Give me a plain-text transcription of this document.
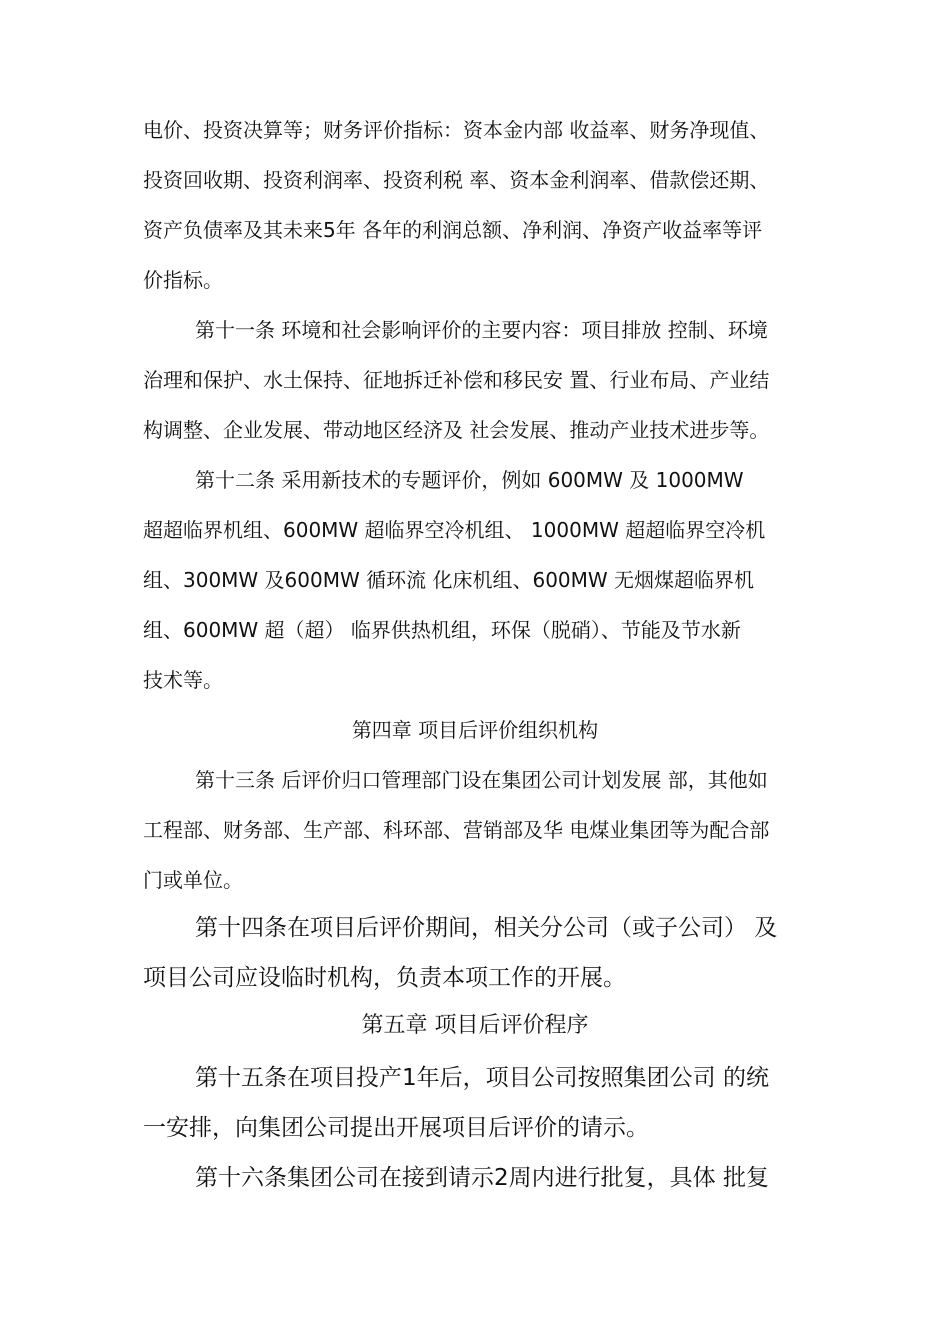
电价、投资决算等；财务评价指标：资本金内部 收益率、财务净现值、
投资回收期、投资利润率、投资利税 率、资本金利润率、借款偿还期、
资产负债率及其未来5年 各年的利润总额、净利润、净资产收益率等评
价指标。
第十一条 环境和社会影响评价的主要内容：项目排放 控制、环境
治理和保护、水土保持、征地拆迁补偿和移民安 置、行业布局、产业结
构调整、企业发展、带动地区经济及 社会发展、推动产业技术进步等。
第十二条 采用新技术的专题评价，例如 600MW 及 1000MW
超超临界机组、600MW 超临界空冷机组、 1000MW 超超临界空冷机
组、300MW 及600MW 循环流 化床机组、600MW 无烟煤超临界机
组、600MW 超（超） 临界供热机组，环保（脱硝）、节能及节水新
技术等。
第四章 项目后评价组织机构
第十三条 后评价归口管理部门设在集团公司计划发展 部，其他如
工程部、财务部、生产部、科环部、营销部及华 电煤业集团等为配合部
门或单位。
第十四条在项目后评价期间，相关分公司（或子公司） 及
项目公司应设临时机构，负责本项工作的开展。
第五章 项目后评价程序
第十五条在项目投产1年后，项目公司按照集团公司 的统
一安排，向集团公司提出开展项目后评价的请示。
第十六条集团公司在接到请示2周内进行批复，具体 批复
